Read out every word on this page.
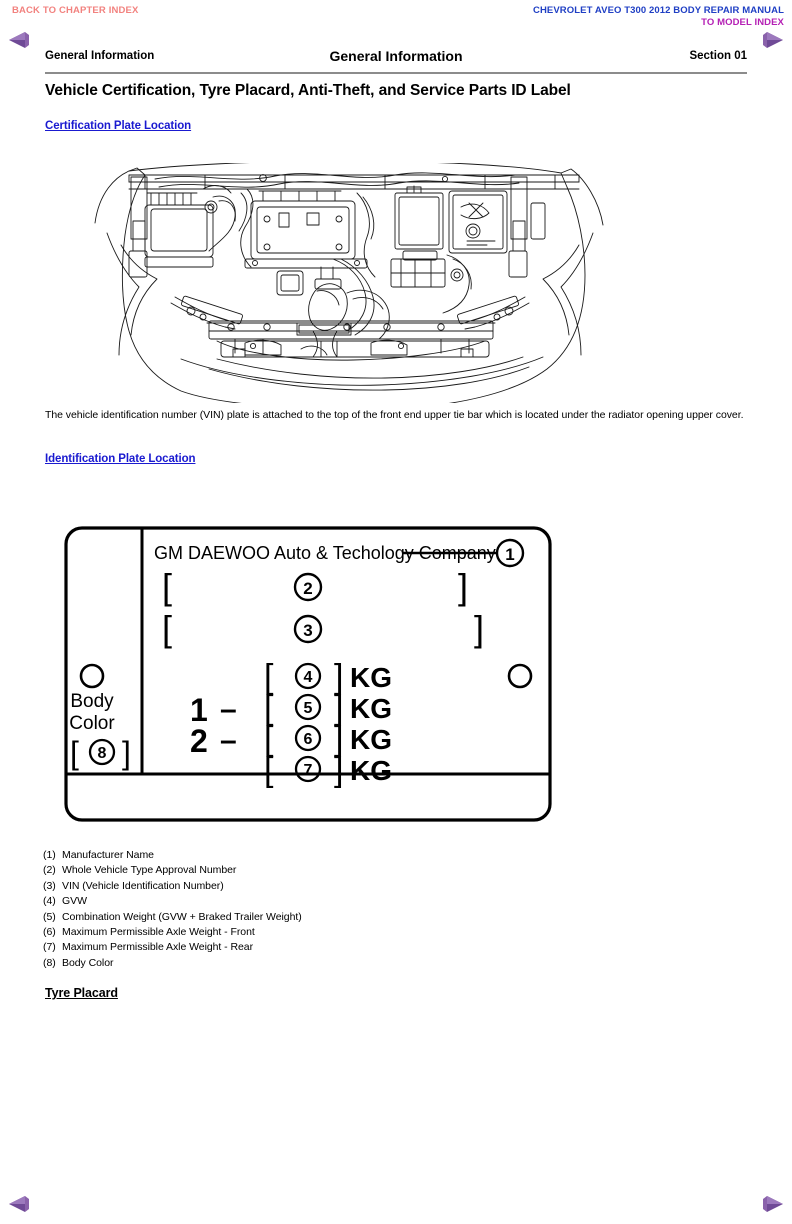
BACK TO CHAPTER INDEX	CHEVROLET AVEO T300 2012 BODY REPAIR MANUAL
TO MODEL INDEX
General Information	General Information	Section 01
Vehicle Certification, Tyre Placard, Anti-Theft, and Service Parts ID Label
Certification Plate Location
The vehicle identification number (VIN) plate is attached to the top of the front end upper tie bar which is located under the radiator opening upper cover.
Identification Plate Location
GM DAEWOO Auto & Techology Company 1
[	2	]
[	3	]
[ 4 ] KG
[ 5 ] KG
1 –
[ 6 ] KG
2 –
[ 7 ] KG
Body
Color
[ 8 ]
(1) Manufacturer Name
(2) Whole Vehicle Type Approval Number
(3) VIN (Vehicle Identification Number)
(4) GVW
(5) Combination Weight (GVW + Braked Trailer Weight)
(6) Maximum Permissible Axle Weight - Front
(7) Maximum Permissible Axle Weight - Rear
(8) Body Color
Tyre Placard
